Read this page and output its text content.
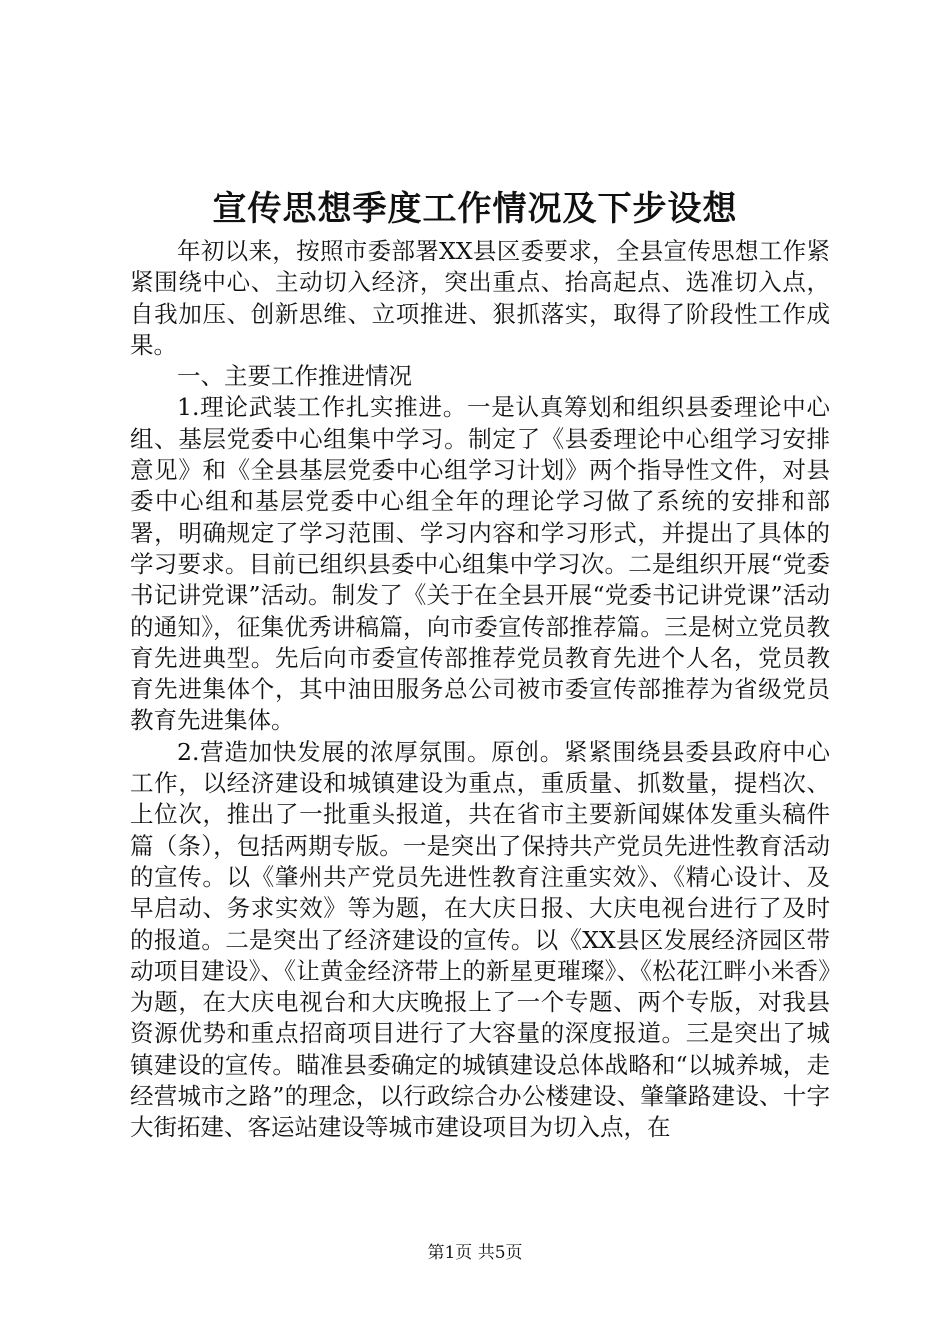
宣传思想季度工作情况及下步设想

年初以来，按照市委部署XX县区委要求，全县宣传思想工作紧紧围绕中心、主动切入经济，突出重点、抬高起点、选准切入点，自我加压、创新思维、立项推进、狠抓落实，取得了阶段性工作成果。

一、主要工作推进情况

1.理论武装工作扎实推进。一是认真筹划和组织县委理论中心组、基层党委中心组集中学习。制定了《县委理论中心组学习安排意见》和《全县基层党委中心组学习计划》两个指导性文件，对县委中心组和基层党委中心组全年的理论学习做了系统的安排和部署，明确规定了学习范围、学习内容和学习形式，并提出了具体的学习要求。目前已组织县委中心组集中学习次。二是组织开展“党委书记讲党课”活动。制发了《关于在全县开展“党委书记讲党课”活动的通知》，征集优秀讲稿篇，向市委宣传部推荐篇。三是树立党员教育先进典型。先后向市委宣传部推荐党员教育先进个人名，党员教育先进集体个，其中油田服务总公司被市委宣传部推荐为省级党员教育先进集体。

2.营造加快发展的浓厚氛围。原创。紧紧围绕县委县政府中心工作，以经济建设和城镇建设为重点，重质量、抓数量，提档次、上位次，推出了一批重头报道，共在省市主要新闻媒体发重头稿件篇（条），包括两期专版。一是突出了保持共产党员先进性教育活动的宣传。以《肇州共产党员先进性教育注重实效》、《精心设计、及早启动、务求实效》等为题，在大庆日报、大庆电视台进行了及时的报道。二是突出了经济建设的宣传。以《XX县区发展经济园区带动项目建设》、《让黄金经济带上的新星更璀璨》、《松花江畔小米香》为题，在大庆电视台和大庆晚报上了一个专题、两个专版，对我县资源优势和重点招商项目进行了大容量的深度报道。三是突出了城镇建设的宣传。瞄准县委确定的城镇建设总体战略和“以城养城，走经营城市之路”的理念，以行政综合办公楼建设、肇肇路建设、十字大街拓建、客运站建设等城市建设项目为切入点，在

第1页 共5页
